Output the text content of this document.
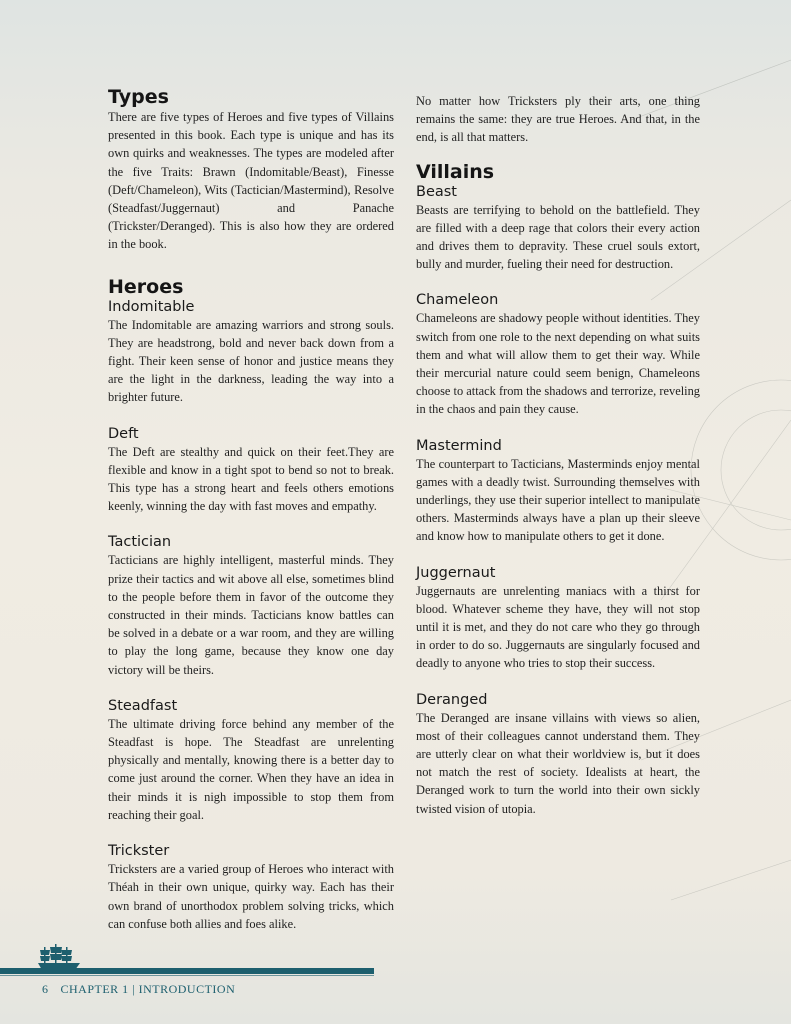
Types

There are five types of Heroes and five types of Villains presented in this book. Each type is unique and has its own quirks and weaknesses. The types are modeled after the five Traits: Brawn (Indomitable/Beast), Finesse (Deft/Chameleon), Wits (Tactician/Mastermind), Resolve (Steadfast/Juggernaut) and Panache (Trickster/Deranged). This is also how they are ordered in the book.

Heroes
Indomitable

The Indomitable are amazing warriors and strong souls. They are headstrong, bold and never back down from a fight. Their keen sense of honor and justice means they are the light in the darkness, leading the way into a brighter future.

Deft

The Deft are stealthy and quick on their feet.They are flexible and know in a tight spot to bend so not to break. This type has a strong heart and feels others emotions keenly, winning the day with fast moves and empathy.

Tactician

Tacticians are highly intelligent, masterful minds. They prize their tactics and wit above all else, sometimes blind to the people before them in favor of the outcome they constructed in their minds. Tacticians know battles can be solved in a debate or a war room, and they are willing to play the long game, because they know one day victory will be theirs.

Steadfast

The ultimate driving force behind any member of the Steadfast is hope. The Steadfast are unrelenting physically and mentally, knowing there is a better day to come just around the corner. When they have an idea in their minds it is nigh impossible to stop them from reaching their goal.

Trickster

Tricksters are a varied group of Heroes who interact with Théah in their own unique, quirky way. Each has their own brand of unorthodox problem solving tricks, which can confuse both allies and foes alike.

No matter how Tricksters ply their arts, one thing remains the same: they are true Heroes. And that, in the end, is all that matters.

Villains
Beast

Beasts are terrifying to behold on the battlefield. They are filled with a deep rage that colors their every action and drives them to depravity. These cruel souls extort, bully and murder, fueling their need for destruction.

Chameleon

Chameleons are shadowy people without identities. They switch from one role to the next depending on what suits them and what will allow them to get their way. While their mercurial nature could seem benign, Chameleons choose to attack from the shadows and terrorize, reveling in the chaos and pain they cause.

Mastermind

The counterpart to Tacticians, Masterminds enjoy mental games with a deadly twist. Surrounding themselves with underlings, they use their superior intellect to manipulate others. Masterminds always have a plan up their sleeve and know how to manipulate others to get it done.

Juggernaut

Juggernauts are unrelenting maniacs with a thirst for blood. Whatever scheme they have, they will not stop until it is met, and they do not care who they go through in order to do so. Juggernauts are singularly focused and deadly to anyone who tries to stop their success.

Deranged

The Deranged are insane villains with views so alien, most of their colleagues cannot understand them. They are utterly clear on what their worldview is, but it does not match the rest of society. Idealists at heart, the Deranged work to turn the world into their own sickly twisted vision of utopia.

6 CHAPTER 1 | INTRODUCTION
